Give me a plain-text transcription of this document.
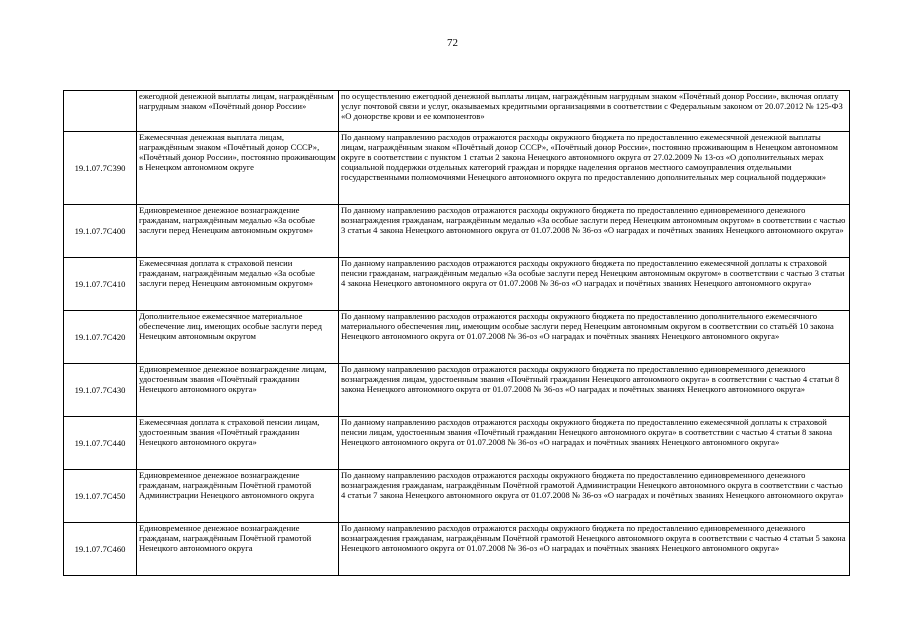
72
	ежегодной денежной выплаты лицам, награждённым нагрудным знаком «Почётный донор России»	по осуществлению ежегодной денежной выплаты лицам, награждённым нагрудным знаком «Почётный донор России», включая оплату услуг почтовой связи и услуг, оказываемых кредитными организациями в соответствии с Федеральным законом от 20.07.2012 № 125-ФЗ «О донорстве крови и ее компонентов»
19.1.07.7С390	Ежемесячная денежная выплата лицам, награждённым знаком «Почётный донор СССР», «Почётный донор России», постоянно проживающим в Ненецком автономном округе	По данному направлению расходов отражаются расходы окружного бюджета по предоставлению ежемесячной денежной выплаты лицам, награждённым знаком «Почётный донор СССР», «Почётный донор России», постоянно проживающим в Ненецком автономном округе в соответствии с пунктом 1 статьи 2 закона Ненецкого автономного округа от 27.02.2009 № 13-оз «О дополнительных мерах социальной поддержки отдельных категорий граждан и порядке наделения органов местного самоуправления отдельными государственными полномочиями Ненецкого автономного округа по предоставлению дополнительных мер социальной поддержки»
19.1.07.7С400	Единовременное денежное вознаграждение гражданам, награждённым медалью «За особые заслуги перед Ненецким автономным округом»	По данному направлению расходов отражаются расходы окружного бюджета по предоставлению единовременного денежного вознаграждения гражданам, награждённым медалью «За особые заслуги перед Ненецким автономным округом» в соответствии с частью 3 статьи 4 закона Ненецкого автономного округа от 01.07.2008 № 36-оз «О наградах и почётных званиях Ненецкого автономного округа»
19.1.07.7С410	Ежемесячная доплата к страховой пенсии гражданам, награждённым медалью «За особые заслуги перед Ненецким автономным округом»	По данному направлению расходов отражаются расходы окружного бюджета по предоставлению ежемесячной доплаты к страховой пенсии гражданам, награждённым медалью «За особые заслуги перед Ненецким автономным округом» в соответствии с частью 3 статьи 4 закона Ненецкого автономного округа от 01.07.2008 № 36-оз «О наградах и почётных званиях Ненецкого автономного округа»
19.1.07.7С420	Дополнительное ежемесячное материальное обеспечение лиц, имеющих особые заслуги перед Ненецким автономным округом	По данному направлению расходов отражаются расходы окружного бюджета по предоставлению дополнительного ежемесячного материального обеспечения лиц, имеющим особые заслуги перед Ненецким автономным округом в соответствии со статьёй 10 закона Ненецкого автономного округа от 01.07.2008 № 36-оз «О наградах и почётных званиях Ненецкого автономного округа»
19.1.07.7С430	Единовременное денежное вознаграждение лицам, удостоенным звания «Почётный гражданин Ненецкого автономного округа»	По данному направлению расходов отражаются расходы окружного бюджета по предоставлению единовременного денежного вознаграждения лицам, удостоенным звания «Почётный гражданин Ненецкого автономного округа» в соответствии с частью 4 статьи 8 закона Ненецкого автономного округа от 01.07.2008 № 36-оз «О наградах и почётных званиях Ненецкого автономного округа»
19.1.07.7С440	Ежемесячная доплата к страховой пенсии лицам, удостоенным звания «Почётный гражданин Ненецкого автономного округа»	По данному направлению расходов отражаются расходы окружного бюджета по предоставлению ежемесячной доплаты к страховой пенсии лицам, удостоенным звания «Почётный гражданин Ненецкого автономного округа» в соответствии с частью 4 статьи 8 закона Ненецкого автономного округа от 01.07.2008 № 36-оз «О наградах и почётных званиях Ненецкого автономного округа»
19.1.07.7С450	Единовременное денежное вознаграждение гражданам, награждённым Почётной грамотой Администрации Ненецкого автономного округа	По данному направлению расходов отражаются расходы окружного бюджета по предоставлению единовременного денежного вознаграждения гражданам, награждённым Почётной грамотой Администрации Ненецкого автономного округа в соответствии с частью 4 статьи 7 закона Ненецкого автономного округа от 01.07.2008 № 36-оз «О наградах и почётных званиях Ненецкого автономного округа»
19.1.07.7С460	Единовременное денежное вознаграждение гражданам, награждённым Почётной грамотой Ненецкого автономного округа	По данному направлению расходов отражаются расходы окружного бюджета по предоставлению единовременного денежного вознаграждения гражданам, награждённым Почётной грамотой Ненецкого автономного округа в соответствии с частью 4 статьи 5 закона Ненецкого автономного округа от 01.07.2008 № 36-оз «О наградах и почётных званиях Ненецкого автономного округа»
